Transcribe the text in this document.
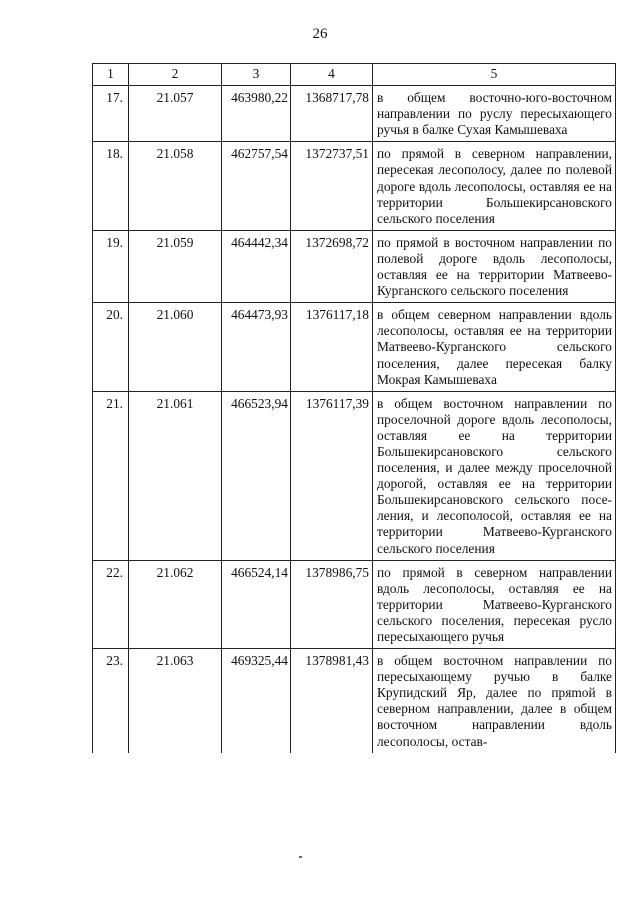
26
1	2	3	4	5
17.	21.057	463980,22	1368717,78	в общем восточно-юго-восточном направлении по руслу пересыхающего ручья в балке Сухая Камышеваха
18.	21.058	462757,54	1372737,51	по прямой в северном направлении, пересекая лесополосу, далее по полевой дороге вдоль лесополосы, оставляя ее на территории Большекирсановского сельского поселения
19.	21.059	464442,34	1372698,72	по прямой в восточном направлении по полевой дороге вдоль лесополосы, оставляя ее на территории Матвеево-Курганского сельского поселения
20.	21.060	464473,93	1376117,18	в общем северном направлении вдоль лесополосы, оставляя ее на территории Матвеево-Курганского сельского поселения, далее пересекая балку Мокрая Камышеваха
21.	21.061	466523,94	1376117,39	в общем восточном направлении по проселочной дороге вдоль лесополосы, оставляя ее на территории Большекирсановского сельского поселения, и далее между проселочной дорогой, оставляя ее на территории Большекирсановского сельского поселения, и лесополосой, оставляя ее на территории Матвеево-Курганского сельского поселения
22.	21.062	466524,14	1378986,75	по прямой в северном направлении вдоль лесополосы, оставляя ее на территории Матвеево-Курганского сельского поселения, пересекая русло пересыхающего ручья
23.	21.063	469325,44	1378981,43	в общем восточном направлении по пересыхающему ручью в балке Крупидский Яр, далее по пряmой в северном направлении, далее в общем восточном направлении вдоль лесополосы, остав-
